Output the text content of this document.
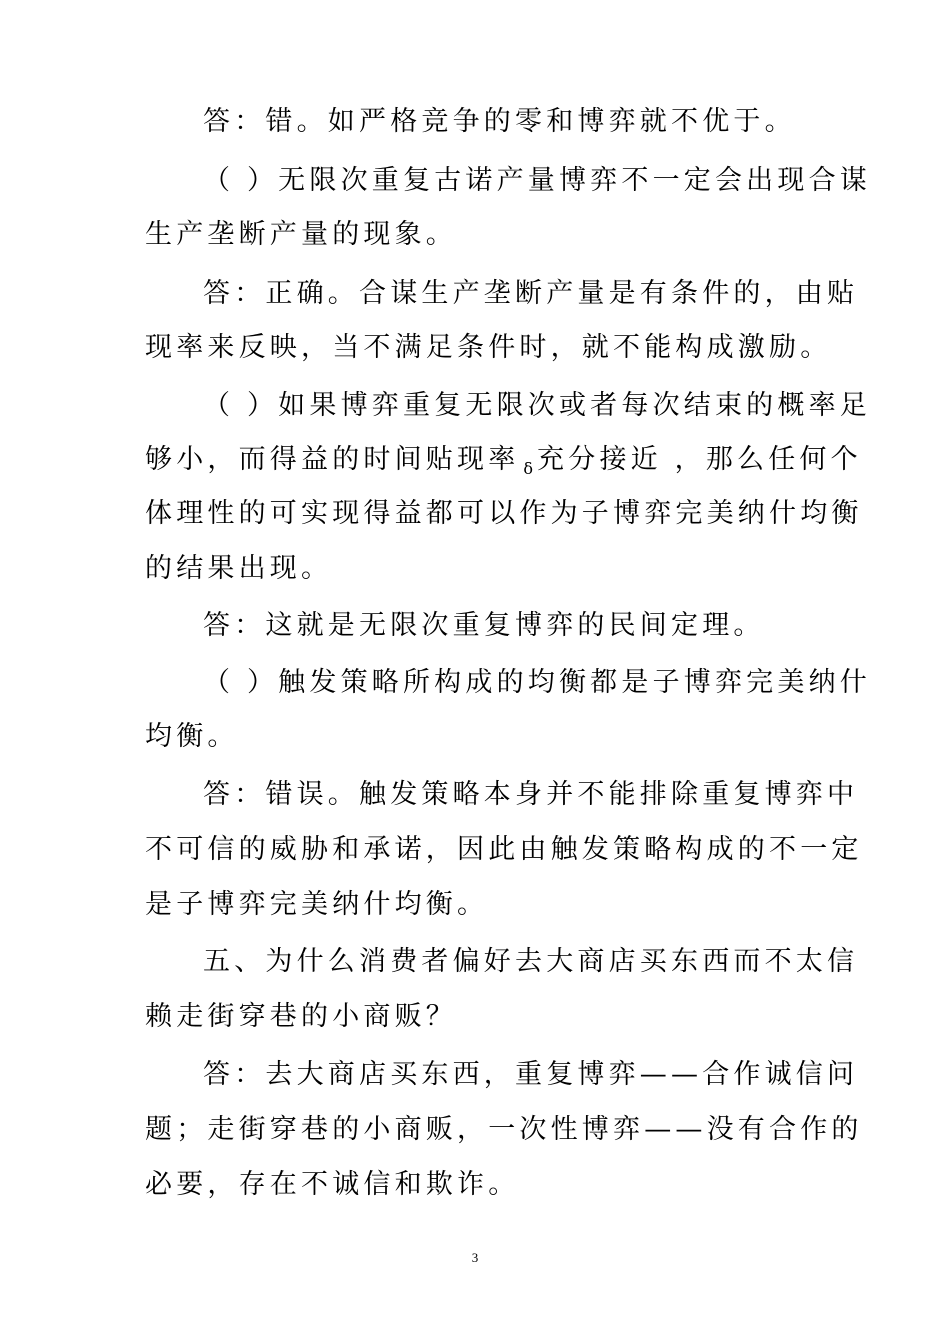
答：错。如严格竞争的零和博弈就不优于。
（ ）无限次重复古诺产量博弈不一定会出现合谋
生产垄断产量的现象。
答：正确。合谋生产垄断产量是有条件的，由贴
现率来反映，当不满足条件时，就不能构成激励。
（ ）如果博弈重复无限次或者每次结束的概率足
够小，而得益的时间贴现率 $_\delta$ 充分接近 ，那么任何个
体理性的可实现得益都可以作为子博弈完美纳什均衡
的结果出现。
答：这就是无限次重复博弈的民间定理。
（ ）触发策略所构成的均衡都是子博弈完美纳什
均衡。
答：错误。触发策略本身并不能排除重复博弈中
不可信的威胁和承诺，因此由触发策略构成的不一定
是子博弈完美纳什均衡。
五、为什么消费者偏好去大商店买东西而不太信
赖走街穿巷的小商贩？
答：去大商店买东西，重复博弈——合作诚信问
题；走街穿巷的小商贩，一次性博弈——没有合作的
必要，存在不诚信和欺诈。
3
